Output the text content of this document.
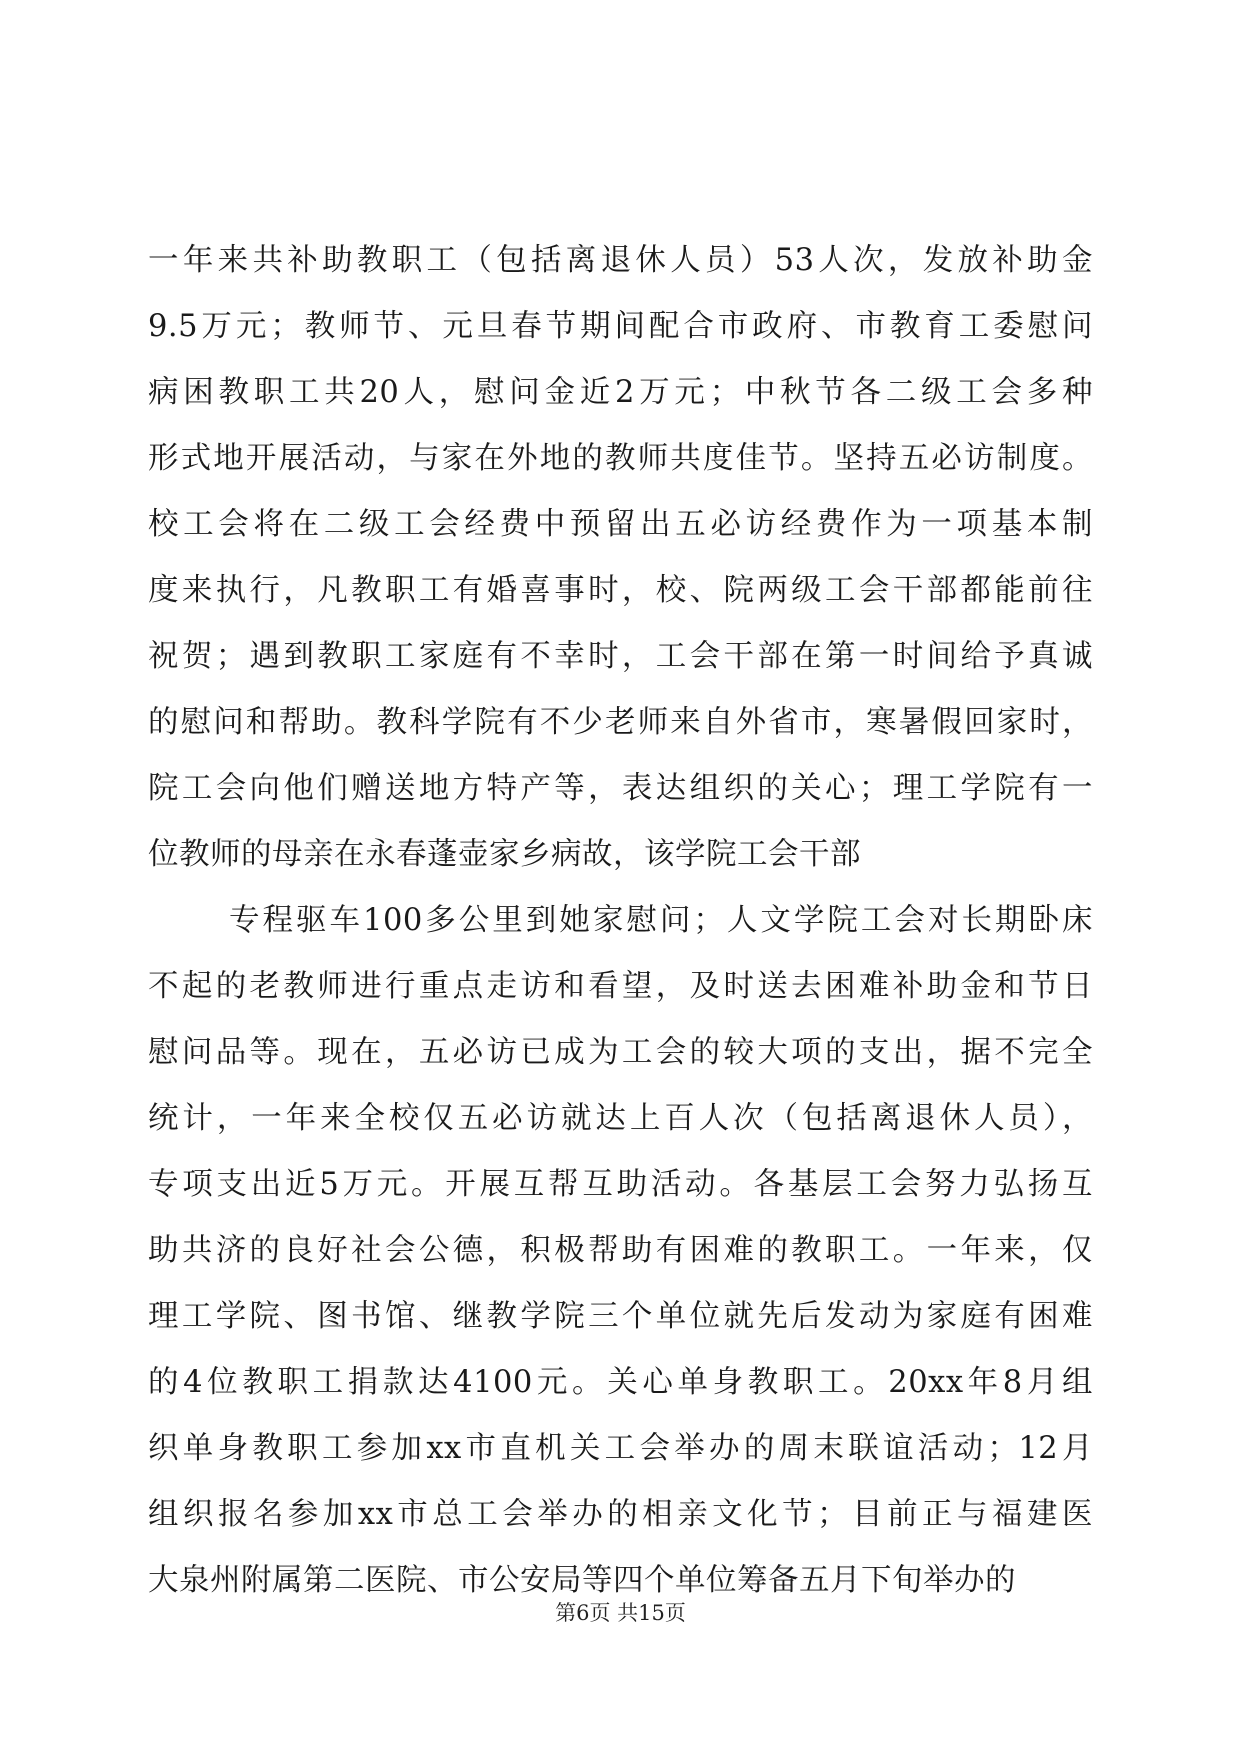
一年来共补助教职工（包括离退休人员）53人次，发放补助金
9.5万元；教师节、元旦春节期间配合市政府、市教育工委慰问
病困教职工共20人，慰问金近2万元；中秋节各二级工会多种
形式地开展活动，与家在外地的教师共度佳节。坚持五必访制度。
校工会将在二级工会经费中预留出五必访经费作为一项基本制
度来执行，凡教职工有婚喜事时，校、院两级工会干部都能前往
祝贺；遇到教职工家庭有不幸时，工会干部在第一时间给予真诚
的慰问和帮助。教科学院有不少老师来自外省市，寒暑假回家时，
院工会向他们赠送地方特产等，表达组织的关心；理工学院有一
位教师的母亲在永春蓬壶家乡病故，该学院工会干部
专程驱车100多公里到她家慰问；人文学院工会对长期卧床
不起的老教师进行重点走访和看望，及时送去困难补助金和节日
慰问品等。现在，五必访已成为工会的较大项的支出，据不完全
统计，一年来全校仅五必访就达上百人次（包括离退休人员），
专项支出近5万元。开展互帮互助活动。各基层工会努力弘扬互
助共济的良好社会公德，积极帮助有困难的教职工。一年来，仅
理工学院、图书馆、继教学院三个单位就先后发动为家庭有困难
的4位教职工捐款达4100元。关心单身教职工。20xx年8月组
织单身教职工参加xx市直机关工会举办的周末联谊活动；12月
组织报名参加xx市总工会举办的相亲文化节；目前正与福建医
大泉州附属第二医院、市公安局等四个单位筹备五月下旬举办的
第6页 共15页
